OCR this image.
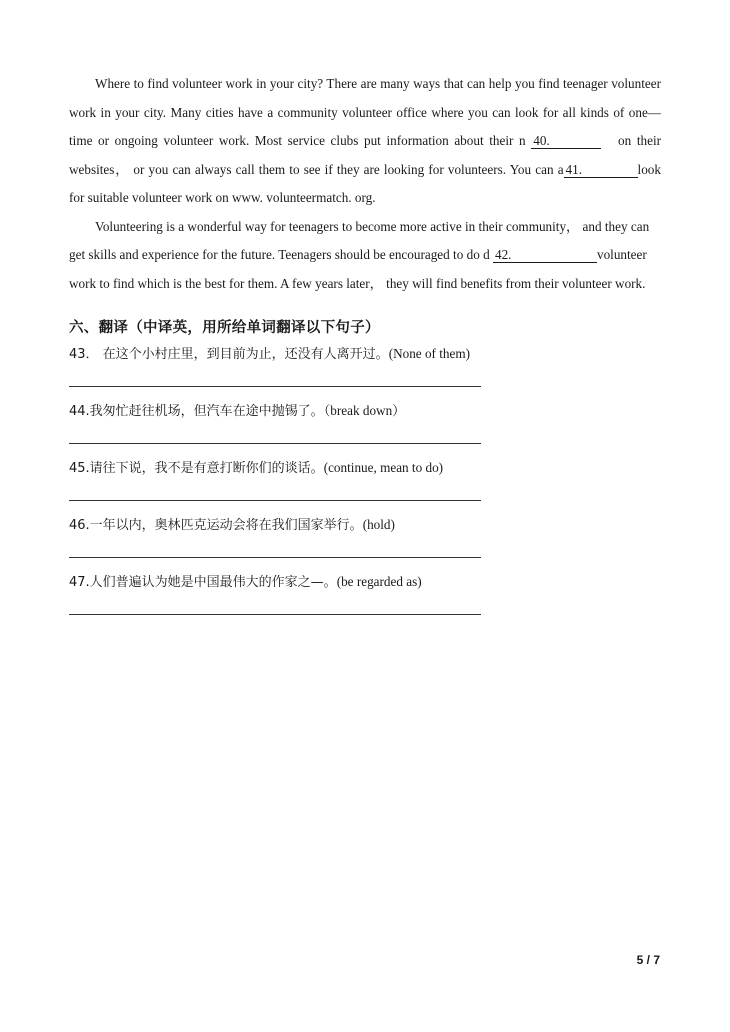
Where to find volunteer work in your city? There are many ways that can help you find teenager volunteer work in your city. Many cities have a community volunteer office where you can look for all kinds of one—time or ongoing volunteer work. Most service clubs put information about their n 40.	on their websites， or you can always call them to see if they are looking for volunteers. You can a 41.	look for suitable volunteer work on www. volunteermatch. org.

Volunteering is a wonderful way for teenagers to become more active in their community， and they can get skills and experience for the future. Teenagers should be encouraged to do d 42.	volunteer work to find which is the best for them. A few years later， they will find benefits from their volunteer work.

六、翻译（中译英，用所给单词翻译以下句子）
43． 在这个小村庄里，到目前为止，还没有人离开过。(None of them)
44.我匆忙赶往机场，但汽车在途中抛锡了。（break down）
45.请往下说，我不是有意打断你们的谈话。(continue, mean to do)
46.一年以内，奥林匹克运动会将在我们国家举行。(hold)
47.人们普遍认为她是中国最伟大的作家之—。(be regarded as)
5 / 7
